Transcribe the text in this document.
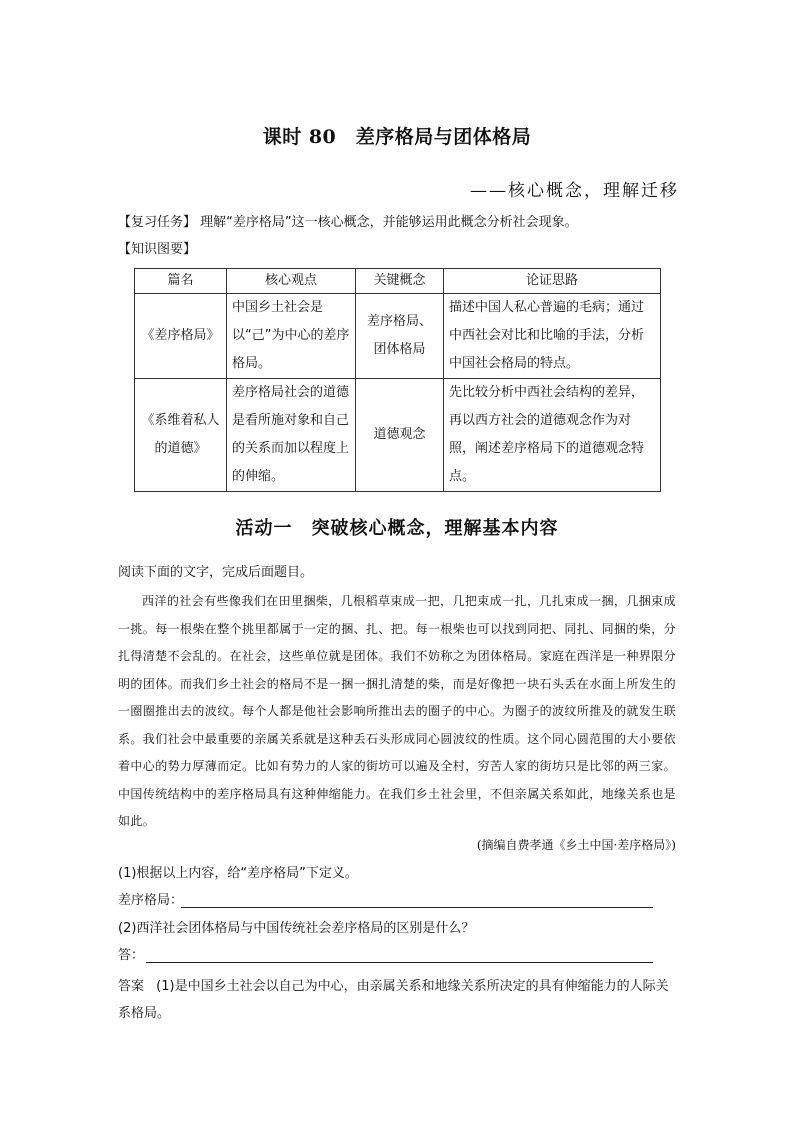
课时 80　差序格局与团体格局
——核心概念，理解迁移
【复习任务】 理解“差序格局”这一核心概念，并能够运用此概念分析社会现象。
【知识图要】
篇名	核心观点	关键概念	论证思路
《差序格局》	中国乡土社会是以“己”为中心的差序格局。	差序格局、团体格局	描述中国人私心普遍的毛病；通过中西社会对比和比喻的手法，分析中国社会格局的特点。
《系维着私人的道德》	差序格局社会的道德是看所施对象和自己的关系而加以程度上的伸缩。	道德观念	先比较分析中西社会结构的差异，再以西方社会的道德观念作为对照，阐述差序格局下的道德观念特点。
活动一　突破核心概念，理解基本内容
阅读下面的文字，完成后面题目。
西洋的社会有些像我们在田里捆柴，几根稻草束成一把，几把束成一扎，几扎束成一捆，几捆束成一挑。每一根柴在整个挑里都属于一定的捆、扎、把。每一根柴也可以找到同把、同扎、同捆的柴，分扎得清楚不会乱的。在社会，这些单位就是团体。我们不妨称之为团体格局。家庭在西洋是一种界限分明的团体。而我们乡土社会的格局不是一捆一捆扎清楚的柴，而是好像把一块石头丢在水面上所发生的一圈圈推出去的波纹。每个人都是他社会影响所推出去的圈子的中心。为圈子的波纹所推及的就发生联系。我们社会中最重要的亲属关系就是这种丢石头形成同心圆波纹的性质。这个同心圆范围的大小要依着中心的势力厚薄而定。比如有势力的人家的街坊可以遍及全村，穷苦人家的街坊只是比邻的两三家。中国传统结构中的差序格局具有这种伸缩能力。在我们乡土社会里，不但亲属关系如此，地缘关系也是如此。
(摘编自费孝通《乡土中国·差序格局》)
(1)根据以上内容，给“差序格局”下定义。
差序格局：
(2)西洋社会团体格局与中国传统社会差序格局的区别是什么？
答：
答案 (1)是中国乡土社会以自己为中心，由亲属关系和地缘关系所决定的具有伸缩能力的人际关系格局。
